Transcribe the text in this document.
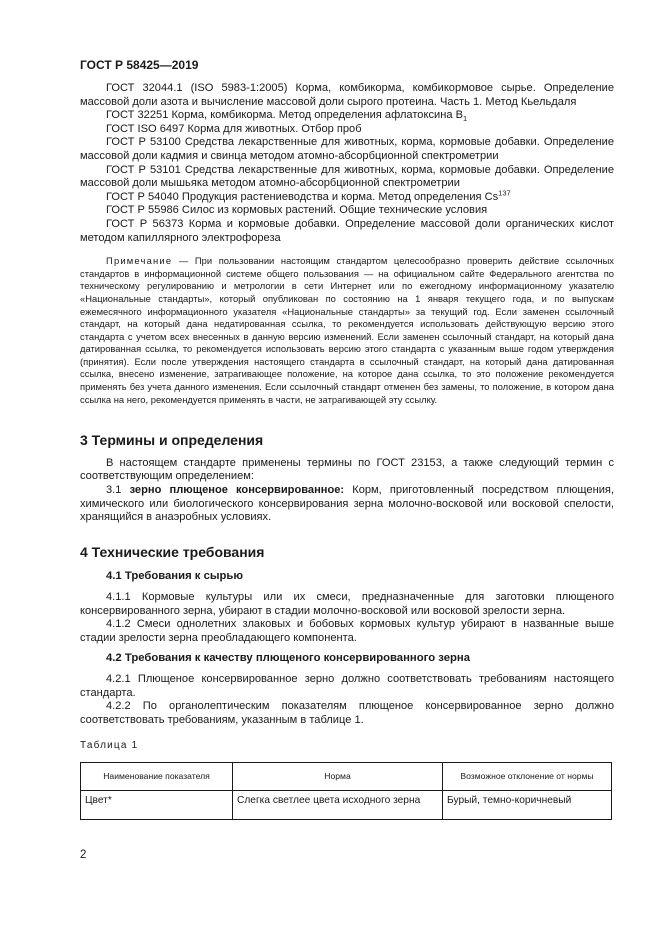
ГОСТ Р 58425—2019

ГОСТ 32044.1 (ISO 5983-1:2005) Корма, комбикорма, комбикормовое сырье. Определение массовой доли азота и вычисление массовой доли сырого протеина. Часть 1. Метод Кьельдаля

ГОСТ 32251 Корма, комбикорма. Метод определения афлатоксина $B_1$

ГОСТ ISO 6497 Корма для животных. Отбор проб

ГОСТ Р 53100 Средства лекарственные для животных, корма, кормовые добавки. Определение массовой доли кадмия и свинца методом атомно-абсорбционной спектрометрии

ГОСТ Р 53101 Средства лекарственные для животных, корма, кормовые добавки. Определение массовой доли мышьяка методом атомно-абсорбционной спектрометрии

ГОСТ Р 54040 Продукция растениеводства и корма. Метод определения Cs$^{137}$

ГОСТ Р 55986 Силос из кормовых растений. Общие технические условия

ГОСТ Р 56373 Корма и кормовые добавки. Определение массовой доли органических кислот методом капиллярного электрофореза

Примечание — При пользовании настоящим стандартом целесообразно проверить действие ссылочных стандартов в информационной системе общего пользования — на официальном сайте Федерального агентства по техническому регулированию и метрологии в сети Интернет или по ежегодному информационному указателю «Национальные стандарты», который опубликован по состоянию на 1 января текущего года, и по выпускам ежемесячного информационного указателя «Национальные стандарты» за текущий год. Если заменен ссылочный стандарт, на который дана недатированная ссылка, то рекомендуется использовать действующую версию этого стандарта с учетом всех внесенных в данную версию изменений. Если заменен ссылочный стандарт, на который дана датированная ссылка, то рекомендуется использовать версию этого стандарта с указанным выше годом утверждения (принятия). Если после утверждения настоящего стандарта в ссылочный стандарт, на который дана датированная ссылка, внесено изменение, затрагивающее положение, на которое дана ссылка, то это положение рекомендуется применять без учета данного изменения. Если ссылочный стандарт отменен без замены, то положение, в котором дана ссылка на него, рекомендуется применять в части, не затрагивающей эту ссылку.

3 Термины и определения

В настоящем стандарте применены термины по ГОСТ 23153, а также следующий термин с соответствующим определением:

3.1 зерно плющеное консервированное: Корм, приготовленный посредством плющения, химического или биологического консервирования зерна молочно-восковой или восковой спелости, хранящийся в анаэробных условиях.

4 Технические требования
4.1 Требования к сырью

4.1.1 Кормовые культуры или их смеси, предназначенные для заготовки плющеного консервированного зерна, убирают в стадии молочно-восковой или восковой зрелости зерна.

4.1.2 Смеси однолетних злаковых и бобовых кормовых культур убирают в названные выше стадии зрелости зерна преобладающего компонента.

4.2 Требования к качеству плющеного консервированного зерна

4.2.1 Плющеное консервированное зерно должно соответствовать требованиям настоящего стандарта.

4.2.2 По органолептическим показателям плющеное консервированное зерно должно соответствовать требованиям, указанным в таблице 1.

Таблица 1

Наименование показателя	Норма	Возможное отклонение от нормы
Цвет*	Слегка светлее цвета исходного зерна	Бурый, темно-коричневый
2
